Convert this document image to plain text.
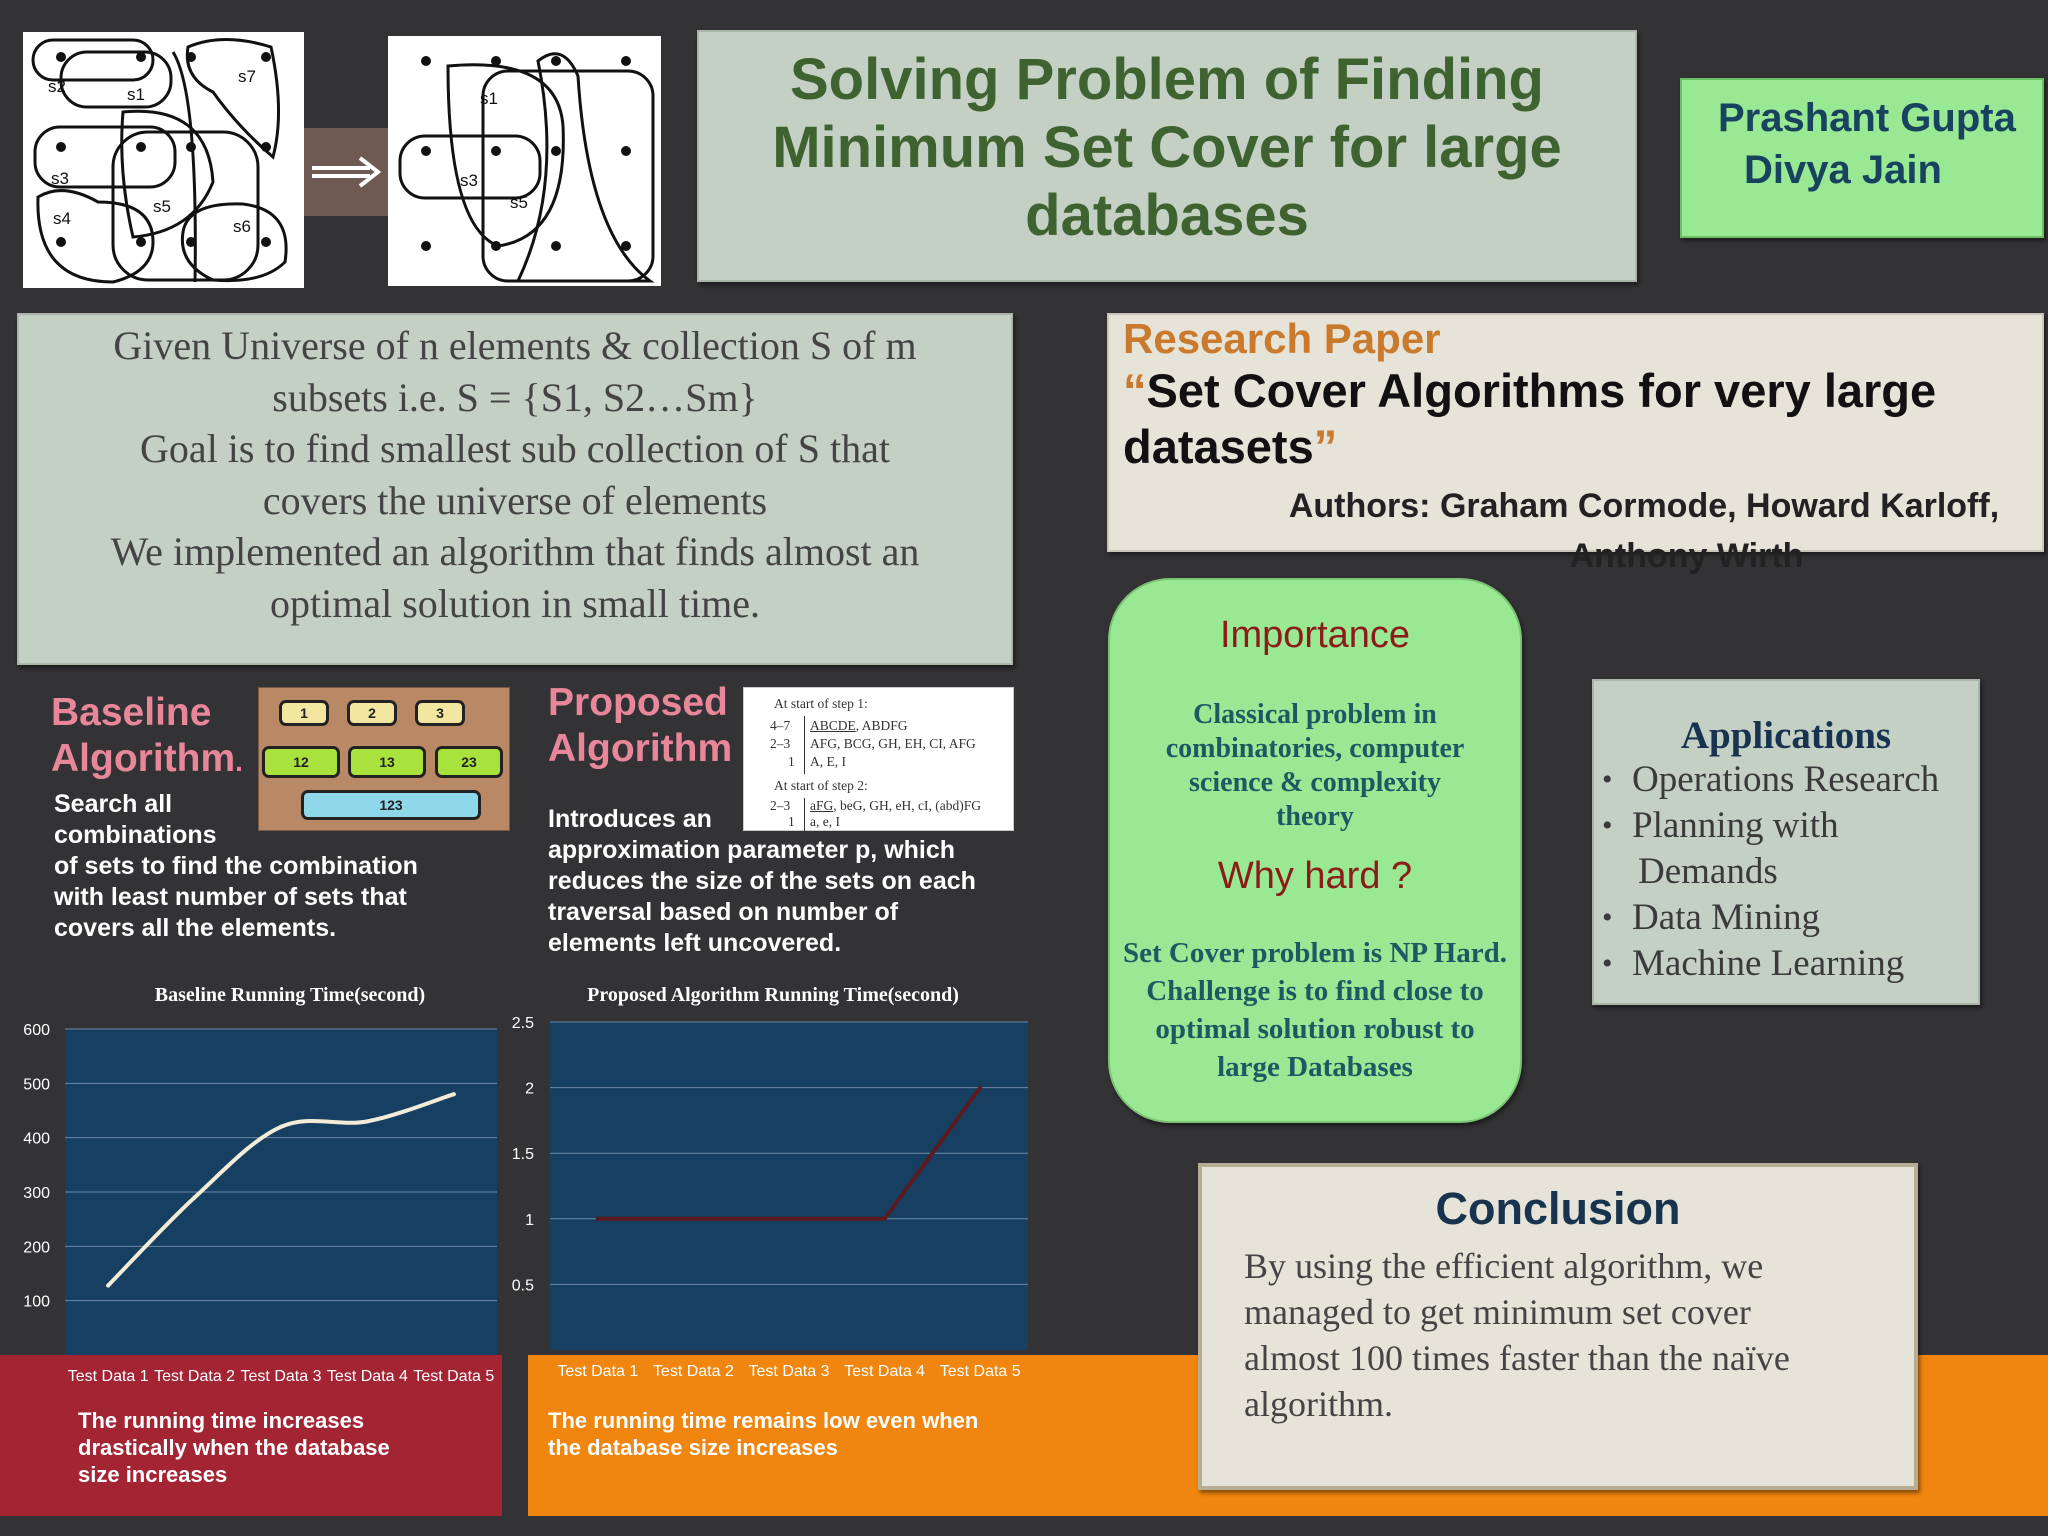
s2	s1
s7
s3
s5
s4	s6
s1
s3
s5
Solving Problem of Finding
Minimum Set Cover for large
databases
Prashant Gupta
Divya Jain
Given Universe of n elements & collection S of m
subsets i.e. S = {S1, S2…Sm}
Goal is to find smallest sub collection of S that
covers the universe of elements
We implemented an algorithm that finds almost an
optimal solution in small time.
Research Paper
“Set Cover Algorithms for very large datasets”
Authors: Graham Cormode, Howard Karloff,
Anthony Wirth
Importance
Classical problem in
combinatories, computer
science & complexity
theory
Why hard ?
Set Cover problem is NP Hard.
Challenge is to find close to
optimal solution robust to
large Databases
Applications
• Operations Research
• Planning with
Demands
• Data Mining
• Machine Learning
Baseline
Algorithm.
Search all
combinations
of sets to find the combination
with least number of sets that
covers all the elements.
1	2	3
12	13	23
123
Proposed
Algorithm
Introduces an
approximation parameter p, which
reduces the size of the sets on each
traversal based on number of
elements left uncovered.
At start of step 1:
4–7 ABCDE, ABDFG
2–3 AFG, BCG, GH, EH, CI, AFG
1 A, E, I
At start of step 2:
2–3 aFG, beG, GH, eH, cI, (abd)FG
1 a, e, I
The running time increases
drastically when the database
size increases
The running time remains low even when
the database size increases
Baseline Running Time(second)
100
200
300
400
500
600
Test Data 1 Test Data 2 Test Data 3 Test Data 4 Test Data 5
Proposed Algorithm Running Time(second)
0.5
1
1.5
2
2.5
Test Data 1 Test Data 2 Test Data 3 Test Data 4 Test Data 5
Conclusion
By using the efficient algorithm, we
managed to get minimum set cover
almost 100 times faster than the naïve
algorithm.
